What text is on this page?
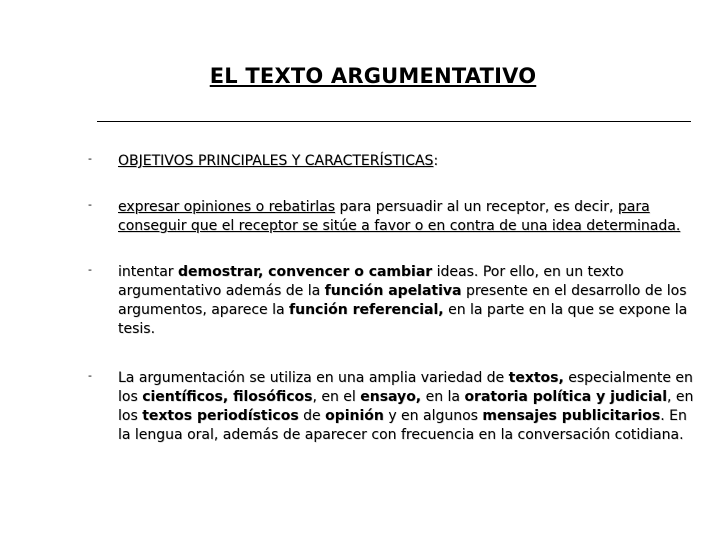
EL TEXTO ARGUMENTATIVO
- OBJETIVOS PRINCIPALES Y CARACTERÍSTICAS:
- expresar opiniones o rebatirlas para persuadir al un receptor, es decir, para conseguir que el receptor se sitúe a favor o en contra de una idea determinada.
- intentar demostrar, convencer o cambiar ideas. Por ello, en un texto argumentativo además de la función apelativa presente en el desarrollo de los argumentos, aparece la función referencial, en la parte en la que se expone la tesis.
- La argumentación se utiliza en una amplia variedad de textos, especialmente en los científicos, filosóficos, en el ensayo, en la oratoria política y judicial, en los textos periodísticos de opinión y en algunos mensajes publicitarios. En la lengua oral, además de aparecer con frecuencia en la conversación cotidiana.
